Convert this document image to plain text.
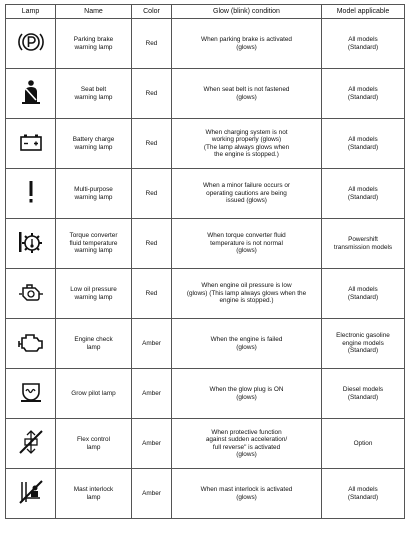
Lamp	Name	Color	Glow (blink) condition	Model applicable

Parking brake
warning lamp	Red	When parking brake is activated
(glows)	All models
(Standard)

Seat belt
warning lamp	Red	When seat belt is not fastened
(glows)	All models
(Standard)

Battery charge
warning lamp	Red	When charging system is not
working properly (glows)
(The lamp always glows when
the engine is stopped.)	All models
(Standard)

Multi-purpose
warning lamp	Red	When a minor failure occurs or
operating cautions are being
issued (glows)	All models
(Standard)

Torque converter
fluid temperature
warning lamp	Red	When torque converter fluid
temperature is not normal
(glows)	Powershift
transmission models

Low oil pressure
warning lamp	Red	When engine oil pressure is low
(glows) (This lamp always glows when the
engine is stopped.)	All models
(Standard)

Engine check
lamp	Amber	When the engine is failed
(glows)	Electronic gasoline
engine models
(Standard)

Grow pilot lamp	Amber	When the glow plug is ON
(glows)	Diesel models
(Standard)

Flex control
lamp	Amber	When protective function
against sudden acceleration/
full reverse" is activated
(glows)	Option

Mast interlock
lamp	Amber	When mast interlock is activated
(glows)	All models
(Standard)
